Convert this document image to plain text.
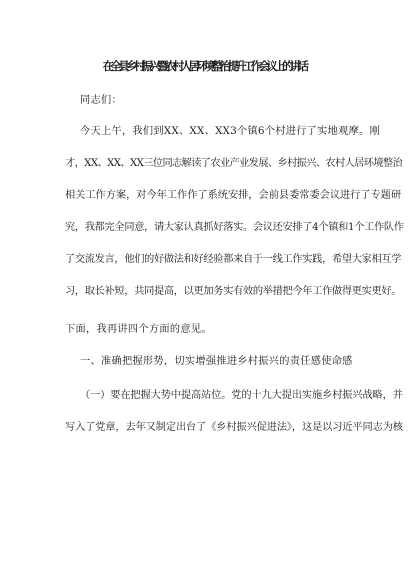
在全县乡村振兴暨农村人居环境整治提升工作会议上的讲话
同志们：
今天上午，我们到XX、XX、XX3个镇6个村进行了实地观摩。刚
才，XX、XX、XX三位同志解读了农业产业发展、乡村振兴、农村人居环境整治
相关工作方案，对今年工作作了系统安排，会前县委常委会议进行了专题研
究，我都完全同意，请大家认真抓好落实。会议还安排了4个镇和1个工作队作
了交流发言，他们的好做法和好经验都来自于一线工作实践，希望大家相互学
习，取长补短，共同提高，以更加务实有效的举措把今年工作做得更实更好。
下面，我再讲四个方面的意见。
一、准确把握形势，切实增强推进乡村振兴的责任感使命感
（一）要在把握大势中提高站位。党的十九大提出实施乡村振兴战略，并
写入了党章，去年又制定出台了《乡村振兴促进法》，这是以习近平同志为核
